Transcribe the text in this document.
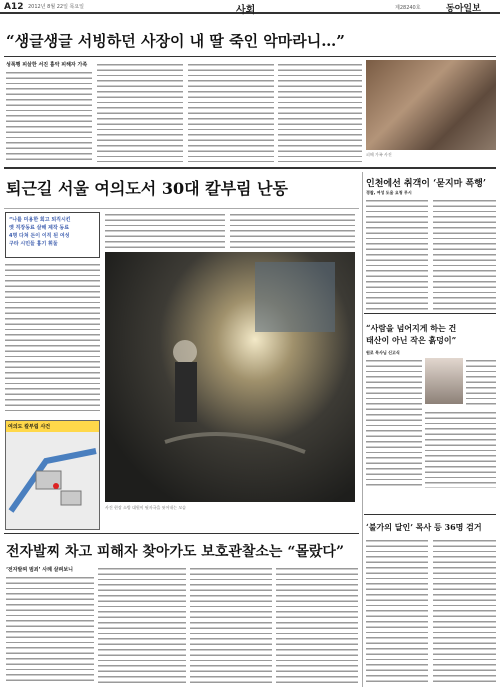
A12 2012년 8월 22일 목요일	사회	제28240호	동아일보
“생글생글 서빙하던 사장이 내 딸 죽인 악마라니…”
성폭행 피살한 서진 흉악 피해자 가족
피해 가족 사진
퇴근길 서울 여의도서 30대 칼부림 난동
“나를 미용한 회고 퇴직시킨
옛 직장동료 살해 제작 동료
4명 다쳐 돈이 이직 된 여성
구타 시민들 흉기 휘둘
사건 현장 소방 대원이 핏자국을 씻어내는 모습
여의도 칼부림 사건
인천에선 취객이 ‘묻지마 폭행’
경찰, 여성 도움 요청 무시
“사람을 넘어지게 하는 건
태산이 아닌 작은 흙덩이”
원로 목사님 신고식
‘불가의 달인’ 목사 등 36명 검거
전자발찌 차고 피해자 찾아가도 보호관찰소는 “몰랐다”
‘전자발찌 범죄’ 사례 살펴보니
